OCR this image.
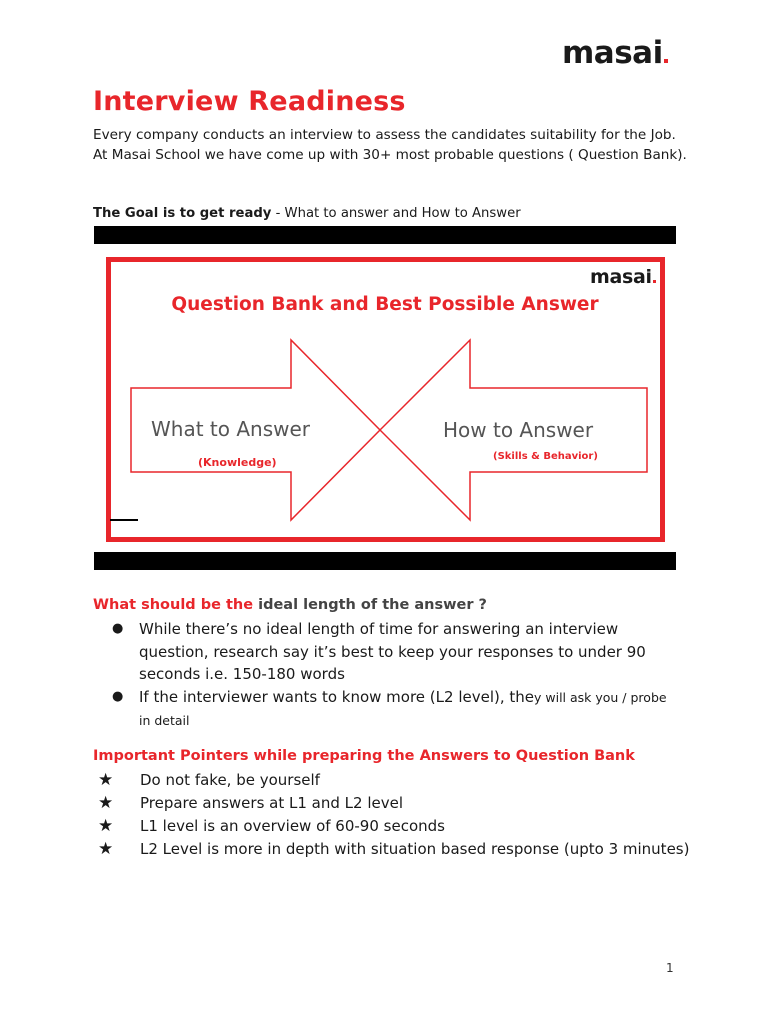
masai
Interview Readiness
Every company conducts an interview to assess the candidates suitability for the Job. At Masai School we have come up with 30+ most probable questions ( Question Bank).
The Goal is to get ready - What to answer and How to Answer
masai
Question Bank and Best Possible Answer
What to Answer
(Knowledge)
How to Answer
(Skills & Behavior)
What should be the ideal length of the answer ?
● While there’s no ideal length of time for answering an interview question, research say it’s best to keep your responses to under 90 seconds i.e. 150-180 words
● If the interviewer wants to know more (L2 level), they will ask you / probe in detail
Important Pointers while preparing the Answers to Question Bank
★ Do not fake, be yourself
★ Prepare answers at L1 and L2 level
★ L1 level is an overview of 60-90 seconds
★ L2 Level is more in depth with situation based response (upto 3 minutes)
1
